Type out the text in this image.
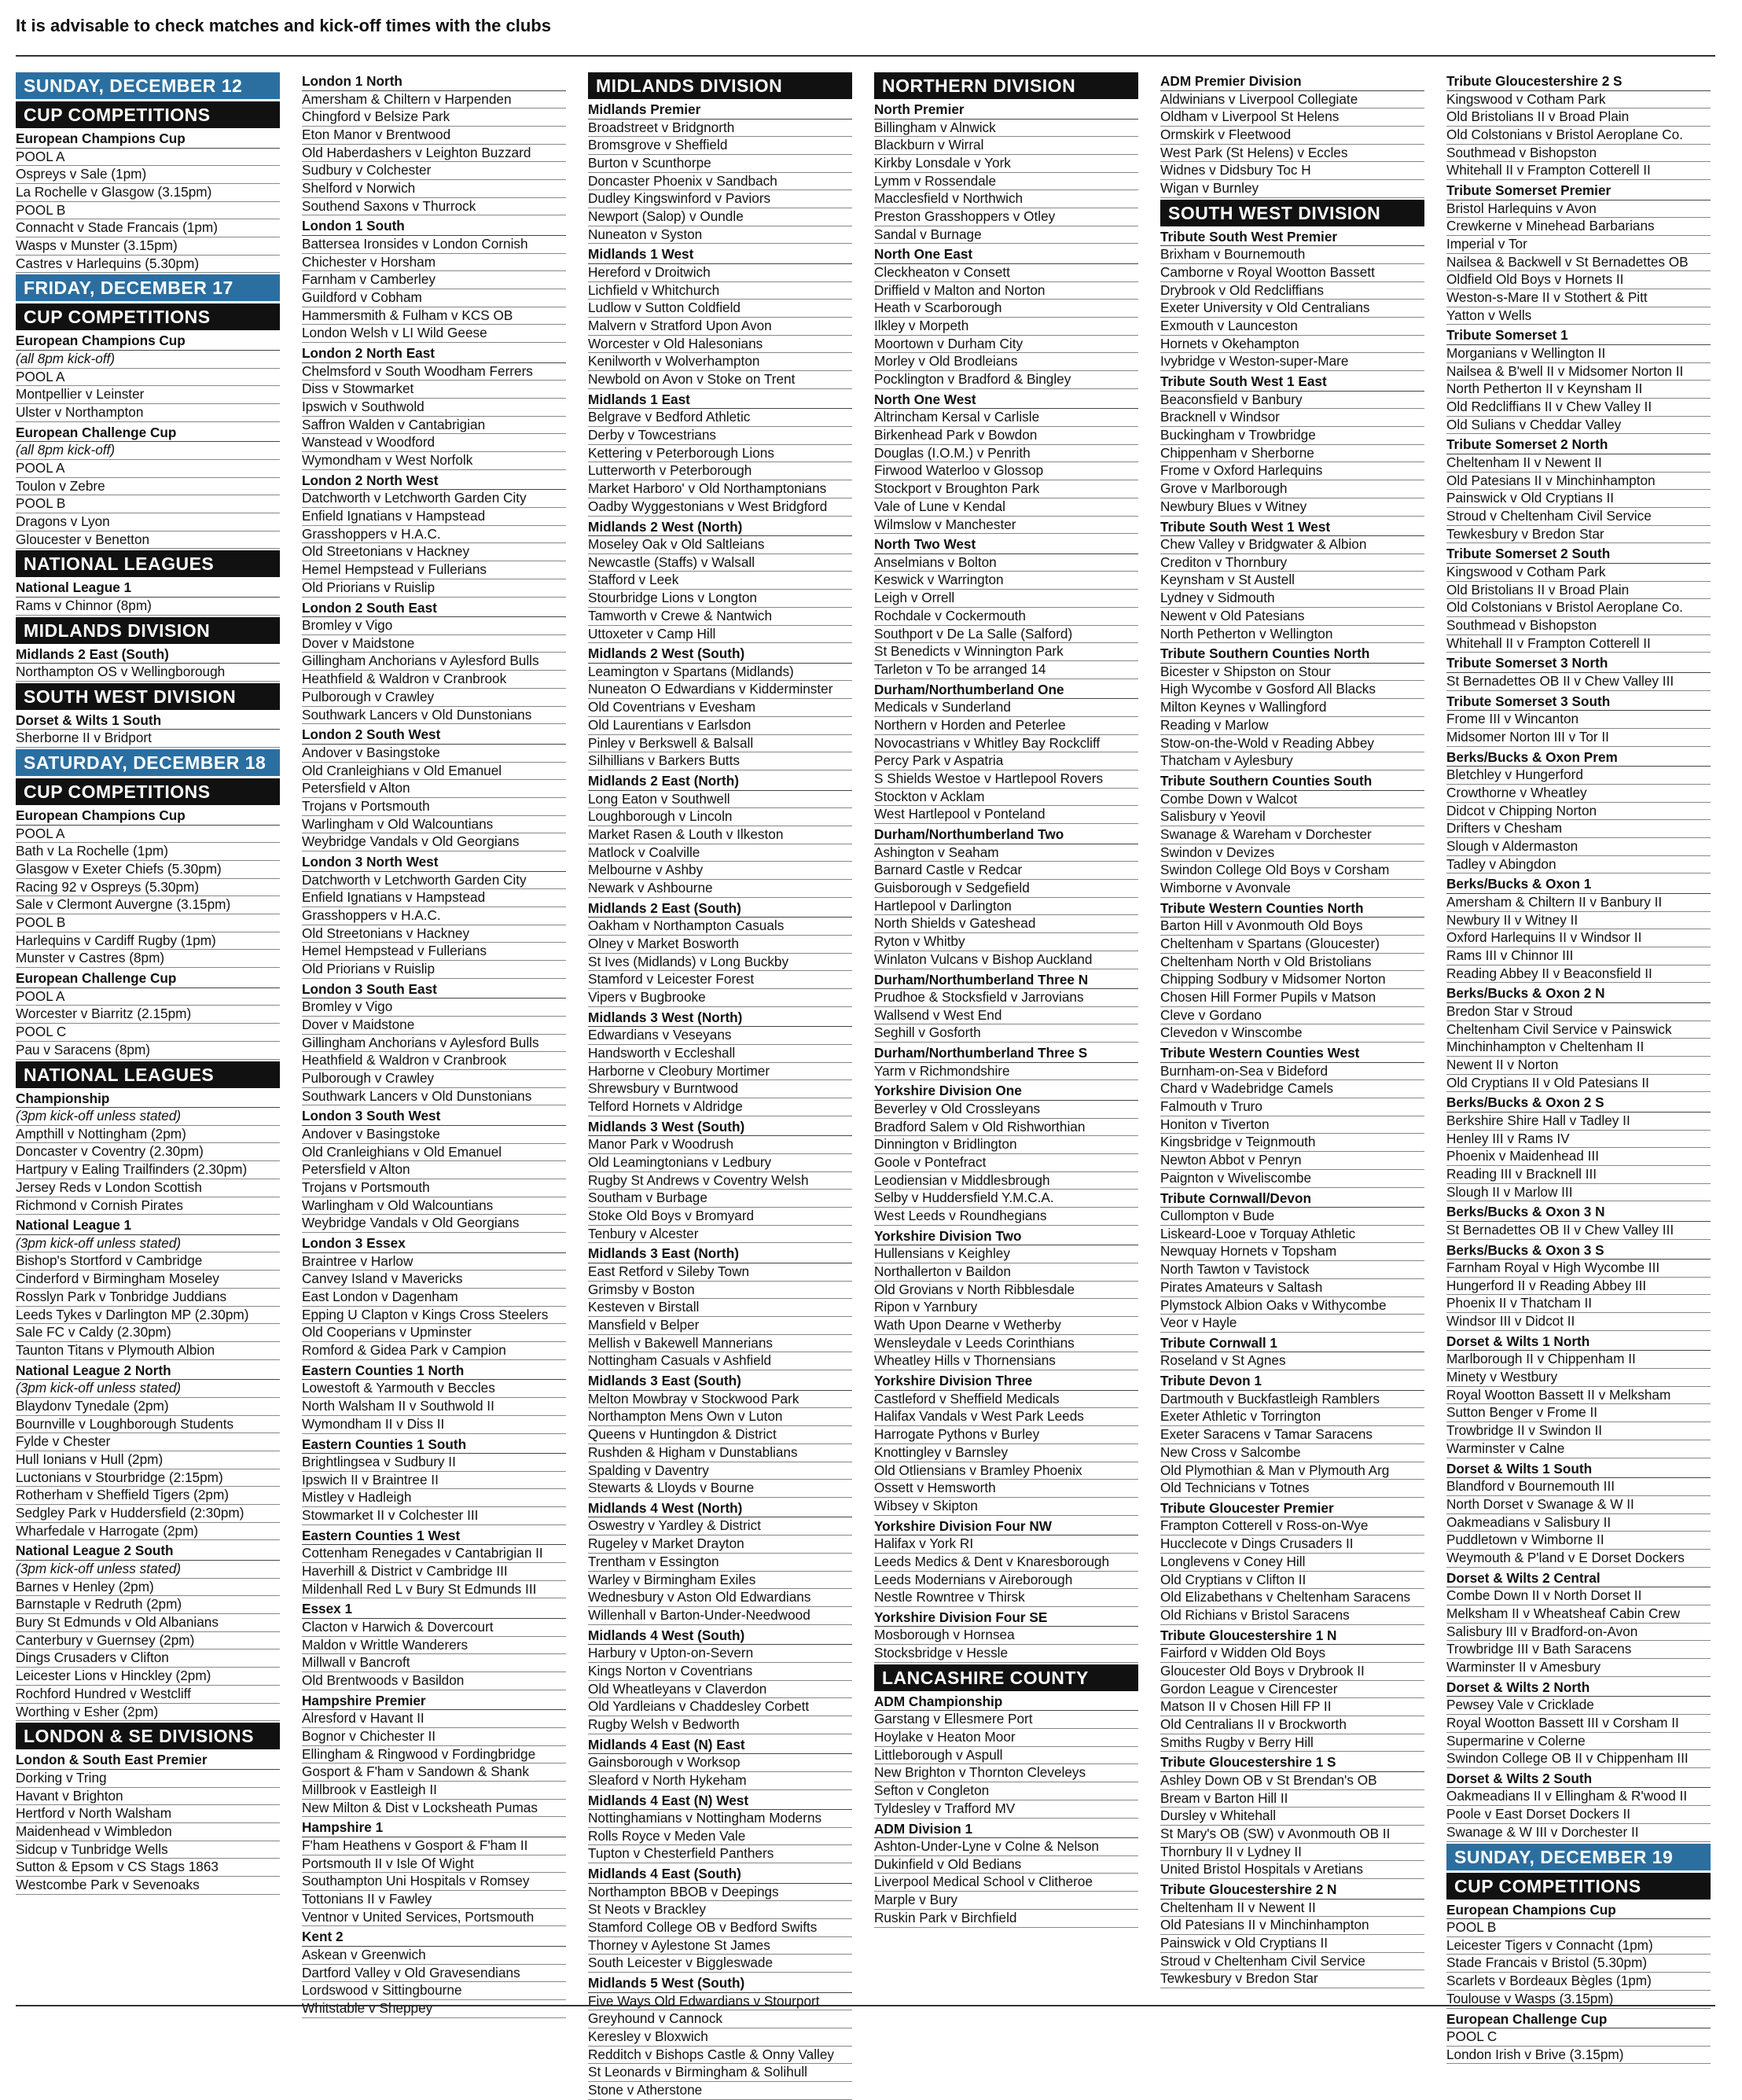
It is advisable to check matches and kick-off times with the clubs
SUNDAY, DECEMBER 12
CUP COMPETITIONS
European Champions Cup
POOL A
Ospreys v Sale (1pm)
La Rochelle v Glasgow (3.15pm)
POOL B
Connacht v Stade Francais (1pm)
Wasps v Munster (3.15pm)
Castres v Harlequins (5.30pm)
FRIDAY, DECEMBER 17
CUP COMPETITIONS
European Champions Cup
(all 8pm kick-off)
POOL A
Montpellier v Leinster
Ulster v Northampton
European Challenge Cup
(all 8pm kick-off)
POOL A
Toulon v Zebre
POOL B
Dragons v Lyon
Gloucester v Benetton
NATIONAL LEAGUES
National League 1
Rams v Chinnor (8pm)
MIDLANDS DIVISION
Midlands 2 East (South)
Northampton OS v Wellingborough
SOUTH WEST DIVISION
Dorset & Wilts 1 South
Sherborne II v Bridport
SATURDAY, DECEMBER 18
CUP COMPETITIONS
European Champions Cup
POOL A
Bath v La Rochelle (1pm)
Glasgow v Exeter Chiefs (5.30pm)
Racing 92 v Ospreys (5.30pm)
Sale v Clermont Auvergne (3.15pm)
POOL B
Harlequins v Cardiff Rugby (1pm)
Munster v Castres (8pm)
European Challenge Cup
POOL A
Worcester v Biarritz (2.15pm)
POOL C
Pau v Saracens (8pm)
NATIONAL LEAGUES
Championship
(3pm kick-off unless stated)
Ampthill v Nottingham (2pm)
Doncaster v Coventry (2.30pm)
Hartpury v Ealing Trailfinders (2.30pm)
Jersey Reds v London Scottish
Richmond v Cornish Pirates
National League 1
(3pm kick-off unless stated)
Bishop's Stortford v Cambridge
Cinderford v Birmingham Moseley
Rosslyn Park v Tonbridge Juddians
Leeds Tykes v Darlington MP (2.30pm)
Sale FC v Caldy (2.30pm)
Taunton Titans v Plymouth Albion
National League 2 North
(3pm kick-off unless stated)
Blaydonv Tynedale (2pm)
Bournville v Loughborough Students
Fylde v Chester
Hull Ionians v Hull (2pm)
Luctonians v Stourbridge (2:15pm)
Rotherham v Sheffield Tigers (2pm)
Sedgley Park v Huddersfield (2:30pm)
Wharfedale v Harrogate (2pm)
National League 2 South
(3pm kick-off unless stated)
Barnes v Henley (2pm)
Barnstaple v Redruth (2pm)
Bury St Edmunds v Old Albanians
Canterbury v Guernsey (2pm)
Dings Crusaders v Clifton
Leicester Lions v Hinckley (2pm)
Rochford Hundred v Westcliff
Worthing v Esher (2pm)
LONDON & SE DIVISIONS
London & South East Premier
Dorking v Tring
Havant v Brighton
Hertford v North Walsham
Maidenhead v Wimbledon
Sidcup v Tunbridge Wells
Sutton & Epsom v CS Stags 1863
Westcombe Park v Sevenoaks
London 1 North
Amersham & Chiltern v Harpenden
Chingford v Belsize Park
Eton Manor v Brentwood
Old Haberdashers v Leighton Buzzard
Sudbury v Colchester
Shelford v Norwich
Southend Saxons v Thurrock
London 1 South
Battersea Ironsides v London Cornish
Chichester v Horsham
Farnham v Camberley
Guildford v Cobham
Hammersmith & Fulham v KCS OB
London Welsh v LI Wild Geese
London 2 North East
Chelmsford v South Woodham Ferrers
Diss v Stowmarket
Ipswich v Southwold
Saffron Walden v Cantabrigian
Wanstead v Woodford
Wymondham v West Norfolk
London 2 North West
Datchworth v Letchworth Garden City
Enfield Ignatians v Hampstead
Grasshoppers v H.A.C.
Old Streetonians v Hackney
Hemel Hempstead v Fullerians
Old Priorians v Ruislip
London 2 South East
Bromley v Vigo
Dover v Maidstone
Gillingham Anchorians v Aylesford Bulls
Heathfield & Waldron v Cranbrook
Pulborough v Crawley
Southwark Lancers v Old Dunstonians
London 2 South West
Andover v Basingstoke
Old Cranleighians v Old Emanuel
Petersfield v Alton
Trojans v Portsmouth
Warlingham v Old Walcountians
Weybridge Vandals v Old Georgians
London 3 North West
Datchworth v Letchworth Garden City
Enfield Ignatians v Hampstead
Grasshoppers v H.A.C.
Old Streetonians v Hackney
Hemel Hempstead v Fullerians
Old Priorians v Ruislip
London 3 South East
Bromley v Vigo
Dover v Maidstone
Gillingham Anchorians v Aylesford Bulls
Heathfield & Waldron v Cranbrook
Pulborough v Crawley
Southwark Lancers v Old Dunstonians
London 3 South West
Andover v Basingstoke
Old Cranleighians v Old Emanuel
Petersfield v Alton
Trojans v Portsmouth
Warlingham v Old Walcountians
Weybridge Vandals v Old Georgians
London 3 Essex
Braintree v Harlow
Canvey Island v Mavericks
East London v Dagenham
Epping U Clapton v Kings Cross Steelers
Old Cooperians v Upminster
Romford & Gidea Park v Campion
Eastern Counties 1 North
Lowestoft & Yarmouth v Beccles
North Walsham II v Southwold II
Wymondham II v Diss II
Eastern Counties 1 South
Brightlingsea v Sudbury II
Ipswich II v Braintree II
Mistley v Hadleigh
Stowmarket II v Colchester III
Eastern Counties 1 West
Cottenham Renegades v Cantabrigian II
Haverhill & District v Cambridge III
Mildenhall Red L v Bury St Edmunds III
Essex 1
Clacton v Harwich & Dovercourt
Maldon v Writtle Wanderers
Millwall v Bancroft
Old Brentwoods v Basildon
Hampshire Premier
Alresford v Havant II
Bognor v Chichester II
Ellingham & Ringwood v Fordingbridge
Gosport & F'ham v Sandown & Shank
Millbrook v Eastleigh II
New Milton & Dist v Locksheath Pumas
Hampshire 1
F'ham Heathens v Gosport & F'ham II
Portsmouth II v Isle Of Wight
Southampton Uni Hospitals v Romsey
Tottonians II v Fawley
Ventnor v United Services, Portsmouth
Kent 2
Askean v Greenwich
Dartford Valley v Old Gravesendians
Lordswood v Sittingbourne
Whitstable v Sheppey
MIDLANDS DIVISION
Midlands Premier
Broadstreet v Bridgnorth
Bromsgrove v Sheffield
Burton v Scunthorpe
Doncaster Phoenix v Sandbach
Dudley Kingswinford v Paviors
Newport (Salop) v Oundle
Nuneaton v Syston
Midlands 1 West
Hereford v Droitwich
Lichfield v Whitchurch
Ludlow v Sutton Coldfield
Malvern v Stratford Upon Avon
Worcester v Old Halesonians
Kenilworth v Wolverhampton
Newbold on Avon v Stoke on Trent
Midlands 1 East
Belgrave v Bedford Athletic
Derby v Towcestrians
Kettering v Peterborough Lions
Lutterworth v Peterborough
Market Harboro' v Old Northamptonians
Oadby Wyggestonians v West Bridgford
Midlands 2 West (North)
Moseley Oak v Old Saltleians
Newcastle (Staffs) v Walsall
Stafford v Leek
Stourbridge Lions v Longton
Tamworth v Crewe & Nantwich
Uttoxeter v Camp Hill
Midlands 2 West (South)
Leamington v Spartans (Midlands)
Nuneaton O Edwardians v Kidderminster
Old Coventrians v Evesham
Old Laurentians v Earlsdon
Pinley v Berkswell & Balsall
Silhillians v Barkers Butts
Midlands 2 East (North)
Long Eaton v Southwell
Loughborough v Lincoln
Market Rasen & Louth v Ilkeston
Matlock v Coalville
Melbourne v Ashby
Newark v Ashbourne
Midlands 2 East (South)
Oakham v Northampton Casuals
Olney v Market Bosworth
St Ives (Midlands) v Long Buckby
Stamford v Leicester Forest
Vipers v Bugbrooke
Midlands 3 West (North)
Edwardians v Veseyans
Handsworth v Eccleshall
Harborne v Cleobury Mortimer
Shrewsbury v Burntwood
Telford Hornets v Aldridge
Midlands 3 West (South)
Manor Park v Woodrush
Old Leamingtonians v Ledbury
Rugby St Andrews v Coventry Welsh
Southam v Burbage
Stoke Old Boys v Bromyard
Tenbury v Alcester
Midlands 3 East (North)
East Retford v Sileby Town
Grimsby v Boston
Kesteven v Birstall
Mansfield v Belper
Mellish v Bakewell Mannerians
Nottingham Casuals v Ashfield
Midlands 3 East (South)
Melton Mowbray v Stockwood Park
Northampton Mens Own v Luton
Queens v Huntingdon & District
Rushden & Higham v Dunstablians
Spalding v Daventry
Stewarts & Lloyds v Bourne
Midlands 4 West (North)
Oswestry v Yardley & District
Rugeley v Market Drayton
Trentham v Essington
Warley v Birmingham Exiles
Wednesbury v Aston Old Edwardians
Willenhall v Barton-Under-Needwood
Midlands 4 West (South)
Harbury v Upton-on-Severn
Kings Norton v Coventrians
Old Wheatleyans v Claverdon
Old Yardleians v Chaddesley Corbett
Rugby Welsh v Bedworth
Midlands 4 East (N) East
Gainsborough v Worksop
Sleaford v North Hykeham
Midlands 4 East (N) West
Nottinghamians v Nottingham Moderns
Rolls Royce v Meden Vale
Tupton v Chesterfield Panthers
Midlands 4 East (South)
Northampton BBOB v Deepings
St Neots v Brackley
Stamford College OB v Bedford Swifts
Thorney v Aylestone St James
South Leicester v Biggleswade
Midlands 5 West (South)
Five Ways Old Edwardians v Stourport
Greyhound v Cannock
Keresley v Bloxwich
Redditch v Bishops Castle & Onny Valley
St Leonards v Birmingham & Solihull
Stone v Atherstone
NORTHERN DIVISION
North Premier
Billingham v Alnwick
Blackburn v Wirral
Kirkby Lonsdale v York
Lymm v Rossendale
Macclesfield v Northwich
Preston Grasshoppers v Otley
Sandal v Burnage
North One East
Cleckheaton v Consett
Driffield v Malton and Norton
Heath v Scarborough
Ilkley v Morpeth
Moortown v Durham City
Morley v Old Brodleians
Pocklington v Bradford & Bingley
North One West
Altrincham Kersal v Carlisle
Birkenhead Park v Bowdon
Douglas (I.O.M.) v Penrith
Firwood Waterloo v Glossop
Stockport v Broughton Park
Vale of Lune v Kendal
Wilmslow v Manchester
North Two West
Anselmians v Bolton
Keswick v Warrington
Leigh v Orrell
Rochdale v Cockermouth
Southport v De La Salle (Salford)
St Benedicts v Winnington Park
Tarleton v To be arranged 14
Durham/Northumberland One
Medicals v Sunderland
Northern v Horden and Peterlee
Novocastrians v Whitley Bay Rockcliff
Percy Park v Aspatria
S Shields Westoe v Hartlepool Rovers
Stockton v Acklam
West Hartlepool v Ponteland
Durham/Northumberland Two
Ashington v Seaham
Barnard Castle v Redcar
Guisborough v Sedgefield
Hartlepool v Darlington
North Shields v Gateshead
Ryton v Whitby
Winlaton Vulcans v Bishop Auckland
Durham/Northumberland Three N
Prudhoe & Stocksfield v Jarrovians
Wallsend v West End
Seghill v Gosforth
Durham/Northumberland Three S
Yarm v Richmondshire
Yorkshire Division One
Beverley v Old Crossleyans
Bradford Salem v Old Rishworthian
Dinnington v Bridlington
Goole v Pontefract
Leodiensian v Middlesbrough
Selby v Huddersfield Y.M.C.A.
West Leeds v Roundhegians
Yorkshire Division Two
Hullensians v Keighley
Northallerton v Baildon
Old Grovians v North Ribblesdale
Ripon v Yarnbury
Wath Upon Dearne v Wetherby
Wensleydale v Leeds Corinthians
Wheatley Hills v Thornensians
Yorkshire Division Three
Castleford v Sheffield Medicals
Halifax Vandals v West Park Leeds
Harrogate Pythons v Burley
Knottingley v Barnsley
Old Otliensians v Bramley Phoenix
Ossett v Hemsworth
Wibsey v Skipton
Yorkshire Division Four NW
Halifax v York RI
Leeds Medics & Dent v Knaresborough
Leeds Modernians v Aireborough
Nestle Rowntree v Thirsk
Yorkshire Division Four SE
Mosborough v Hornsea
Stocksbridge v Hessle
LANCASHIRE COUNTY
ADM Championship
Garstang v Ellesmere Port
Hoylake v Heaton Moor
Littleborough v Aspull
New Brighton v Thornton Cleveleys
Sefton v Congleton
Tyldesley v Trafford MV
ADM Division 1
Ashton-Under-Lyne v Colne & Nelson
Dukinfield v Old Bedians
Liverpool Medical School v Clitheroe
Marple v Bury
Ruskin Park v Birchfield
ADM Premier Division
Aldwinians v Liverpool Collegiate
Oldham v Liverpool St Helens
Ormskirk v Fleetwood
West Park (St Helens) v Eccles
Widnes v Didsbury Toc H
Wigan v Burnley
SOUTH WEST DIVISION
Tribute South West Premier
Brixham v Bournemouth
Camborne v Royal Wootton Bassett
Drybrook v Old Redcliffians
Exeter University v Old Centralians
Exmouth v Launceston
Hornets v Okehampton
Ivybridge v Weston-super-Mare
Tribute South West 1 East
Beaconsfield v Banbury
Bracknell v Windsor
Buckingham v Trowbridge
Chippenham v Sherborne
Frome v Oxford Harlequins
Grove v Marlborough
Newbury Blues v Witney
Tribute South West 1 West
Chew Valley v Bridgwater & Albion
Crediton v Thornbury
Keynsham v St Austell
Lydney v Sidmouth
Newent v Old Patesians
North Petherton v Wellington
Tribute Southern Counties North
Bicester v Shipston on Stour
High Wycombe v Gosford All Blacks
Milton Keynes v Wallingford
Reading v Marlow
Stow-on-the-Wold v Reading Abbey
Thatcham v Aylesbury
Tribute Southern Counties South
Combe Down v Walcot
Salisbury v Yeovil
Swanage & Wareham v Dorchester
Swindon v Devizes
Swindon College Old Boys v Corsham
Wimborne v Avonvale
Tribute Western Counties North
Barton Hill v Avonmouth Old Boys
Cheltenham v Spartans (Gloucester)
Cheltenham North v Old Bristolians
Chipping Sodbury v Midsomer Norton
Chosen Hill Former Pupils v Matson
Cleve v Gordano
Clevedon v Winscombe
Tribute Western Counties West
Burnham-on-Sea v Bideford
Chard v Wadebridge Camels
Falmouth v Truro
Honiton v Tiverton
Kingsbridge v Teignmouth
Newton Abbot v Penryn
Paignton v Wiveliscombe
Tribute Cornwall/Devon
Cullompton v Bude
Liskeard-Looe v Torquay Athletic
Newquay Hornets v Topsham
North Tawton v Tavistock
Pirates Amateurs v Saltash
Plymstock Albion Oaks v Withycombe
Veor v Hayle
Tribute Cornwall 1
Roseland v St Agnes
Tribute Devon 1
Dartmouth v Buckfastleigh Ramblers
Exeter Athletic v Torrington
Exeter Saracens v Tamar Saracens
New Cross v Salcombe
Old Plymothian & Man v Plymouth Arg
Old Technicians v Totnes
Tribute Gloucester Premier
Frampton Cotterell v Ross-on-Wye
Hucclecote v Dings Crusaders II
Longlevens v Coney Hill
Old Cryptians v Clifton II
Old Elizabethans v Cheltenham Saracens
Old Richians v Bristol Saracens
Tribute Gloucestershire 1 N
Fairford v Widden Old Boys
Gloucester Old Boys v Drybrook II
Gordon League v Cirencester
Matson II v Chosen Hill FP II
Old Centralians II v Brockworth
Smiths Rugby v Berry Hill
Tribute Gloucestershire 1 S
Ashley Down OB v St Brendan's OB
Bream v Barton Hill II
Dursley v Whitehall
St Mary's OB (SW) v Avonmouth OB II
Thornbury II v Lydney II
United Bristol Hospitals v Aretians
Tribute Gloucestershire 2 N
Cheltenham II v Newent II
Old Patesians II v Minchinhampton
Painswick v Old Cryptians II
Stroud v Cheltenham Civil Service
Tewkesbury v Bredon Star
Tribute Gloucestershire 2 S
Kingswood v Cotham Park
Old Bristolians II v Broad Plain
Old Colstonians v Bristol Aeroplane Co.
Southmead v Bishopston
Whitehall II v Frampton Cotterell II
Tribute Somerset Premier
Bristol Harlequins v Avon
Crewkerne v Minehead Barbarians
Imperial v Tor
Nailsea & Backwell v St Bernadettes OB
Oldfield Old Boys v Hornets II
Weston-s-Mare II v Stothert & Pitt
Yatton v Wells
Tribute Somerset 1
Morganians v Wellington II
Nailsea & B'well II v Midsomer Norton II
North Petherton II v Keynsham II
Old Redcliffians II v Chew Valley II
Old Sulians v Cheddar Valley
Tribute Somerset 2 North
Cheltenham II v Newent II
Old Patesians II v Minchinhampton
Painswick v Old Cryptians II
Stroud v Cheltenham Civil Service
Tewkesbury v Bredon Star
Tribute Somerset 2 South
Kingswood v Cotham Park
Old Bristolians II v Broad Plain
Old Colstonians v Bristol Aeroplane Co.
Southmead v Bishopston
Whitehall II v Frampton Cotterell II
Tribute Somerset 3 North
St Bernadettes OB II v Chew Valley III
Tribute Somerset 3 South
Frome III v Wincanton
Midsomer Norton III v Tor II
Berks/Bucks & Oxon Prem
Bletchley v Hungerford
Crowthorne v Wheatley
Didcot v Chipping Norton
Drifters v Chesham
Slough v Aldermaston
Tadley v Abingdon
Berks/Bucks & Oxon 1
Amersham & Chiltern II v Banbury II
Newbury II v Witney II
Oxford Harlequins II v Windsor II
Rams III v Chinnor III
Reading Abbey II v Beaconsfield II
Berks/Bucks & Oxon 2 N
Bredon Star v Stroud
Cheltenham Civil Service v Painswick
Minchinhampton v Cheltenham II
Newent II v Norton
Old Cryptians II v Old Patesians II
Berks/Bucks & Oxon 2 S
Berkshire Shire Hall v Tadley II
Henley III v Rams IV
Phoenix v Maidenhead III
Reading III v Bracknell III
Slough II v Marlow III
Berks/Bucks & Oxon 3 N
St Bernadettes OB II v Chew Valley III
Berks/Bucks & Oxon 3 S
Farnham Royal v High Wycombe III
Hungerford II v Reading Abbey III
Phoenix II v Thatcham II
Windsor III v Didcot II
Dorset & Wilts 1 North
Marlborough II v Chippenham II
Minety v Westbury
Royal Wootton Bassett II v Melksham
Sutton Benger v Frome II
Trowbridge II v Swindon II
Warminster v Calne
Dorset & Wilts 1 South
Blandford v Bournemouth III
North Dorset v Swanage & W II
Oakmeadians v Salisbury II
Puddletown v Wimborne II
Weymouth & P'land v E Dorset Dockers
Dorset & Wilts 2 Central
Combe Down II v North Dorset II
Melksham II v Wheatsheaf Cabin Crew
Salisbury III v Bradford-on-Avon
Trowbridge III v Bath Saracens
Warminster II v Amesbury
Dorset & Wilts 2 North
Pewsey Vale v Cricklade
Royal Wootton Bassett III v Corsham II
Supermarine v Colerne
Swindon College OB II v Chippenham III
Dorset & Wilts 2 South
Oakmeadians II v Ellingham & R'wood II
Poole v East Dorset Dockers II
Swanage & W III v Dorchester II
SUNDAY, DECEMBER 19
CUP COMPETITIONS
European Champions Cup
POOL B
Leicester Tigers v Connacht (1pm)
Stade Francais v Bristol (5.30pm)
Scarlets v Bordeaux Bègles (1pm)
Toulouse v Wasps (3.15pm)
European Challenge Cup
POOL C
London Irish v Brive (3.15pm)
